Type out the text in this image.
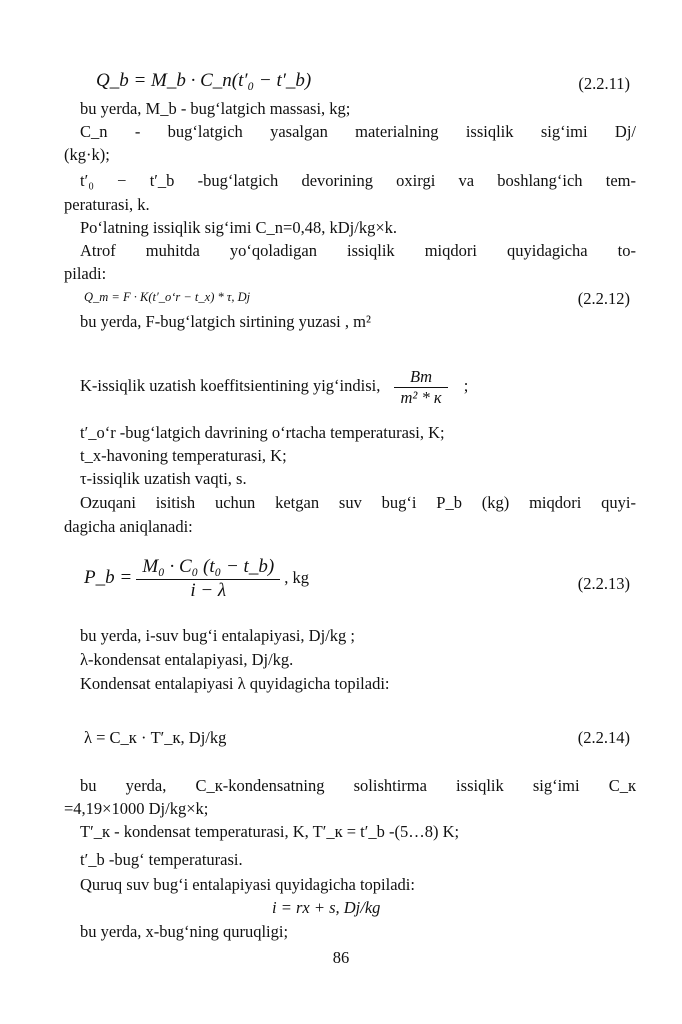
Q_b = M_b · C_n(t′₀ − t′_b)	(2.2.11)
bu yerda, M_b - bug‘latgich massasi, kg;
C_n - bug‘latgich yasalgan materialning issiqlik sig‘imi Dj/
(kg·k);
t′₀ − t′_b -bug‘latgich devorining oxirgi va boshlang‘ich tem-
peraturasi, k.
Po‘latning issiqlik sig‘imi C_n=0,48, kDj/kg×k.
Atrof muhitda yo‘qoladigan issiqlik miqdori quyidagicha to-
piladi:
Q_m = F · K(t′_o‘r − t_x) * τ, Dj	(2.2.12)
bu yerda, F-bug‘latgich sirtining yuzasi , m²
K-issiqlik uzatish koeffitsientining yig‘indisi, $\frac{Bm}{\text{m² * к}}$ ;
t′_o‘r -bug‘latgich davrining o‘rtacha temperaturasi, K;
t_x-havoning temperaturasi, K;
τ-issiqlik uzatish vaqti, s.
Ozuqani isitish uchun ketgan suv bug‘i P_b (kg) miqdori quyi-
dagicha aniqlanadi:
P_b = $\frac{\text{M₀ · C₀ (t₀ − t\_b)}}{i - \lambda}$ , kg	(2.2.13)
bu yerda, i-suv bug‘i entalapiyasi, Dj/kg ;
λ-kondensat entalapiyasi, Dj/kg.
Kondensat entalapiyasi λ quyidagicha topiladi:
λ = C_к · T′_к, Dj/kg	(2.2.14)
bu yerda, C_к-kondensatning solishtirma issiqlik sig‘imi C_к
=4,19×1000 Dj/kg×k;
T′_к - kondensat temperaturasi, K, T′_к = t′_b -(5…8) K;
t′_b -bug‘ temperaturasi.
Quruq suv bug‘i entalapiyasi quyidagicha topiladi:
i = rx + s, Dj/kg
bu yerda, x-bug‘ning quruqligi;
86
